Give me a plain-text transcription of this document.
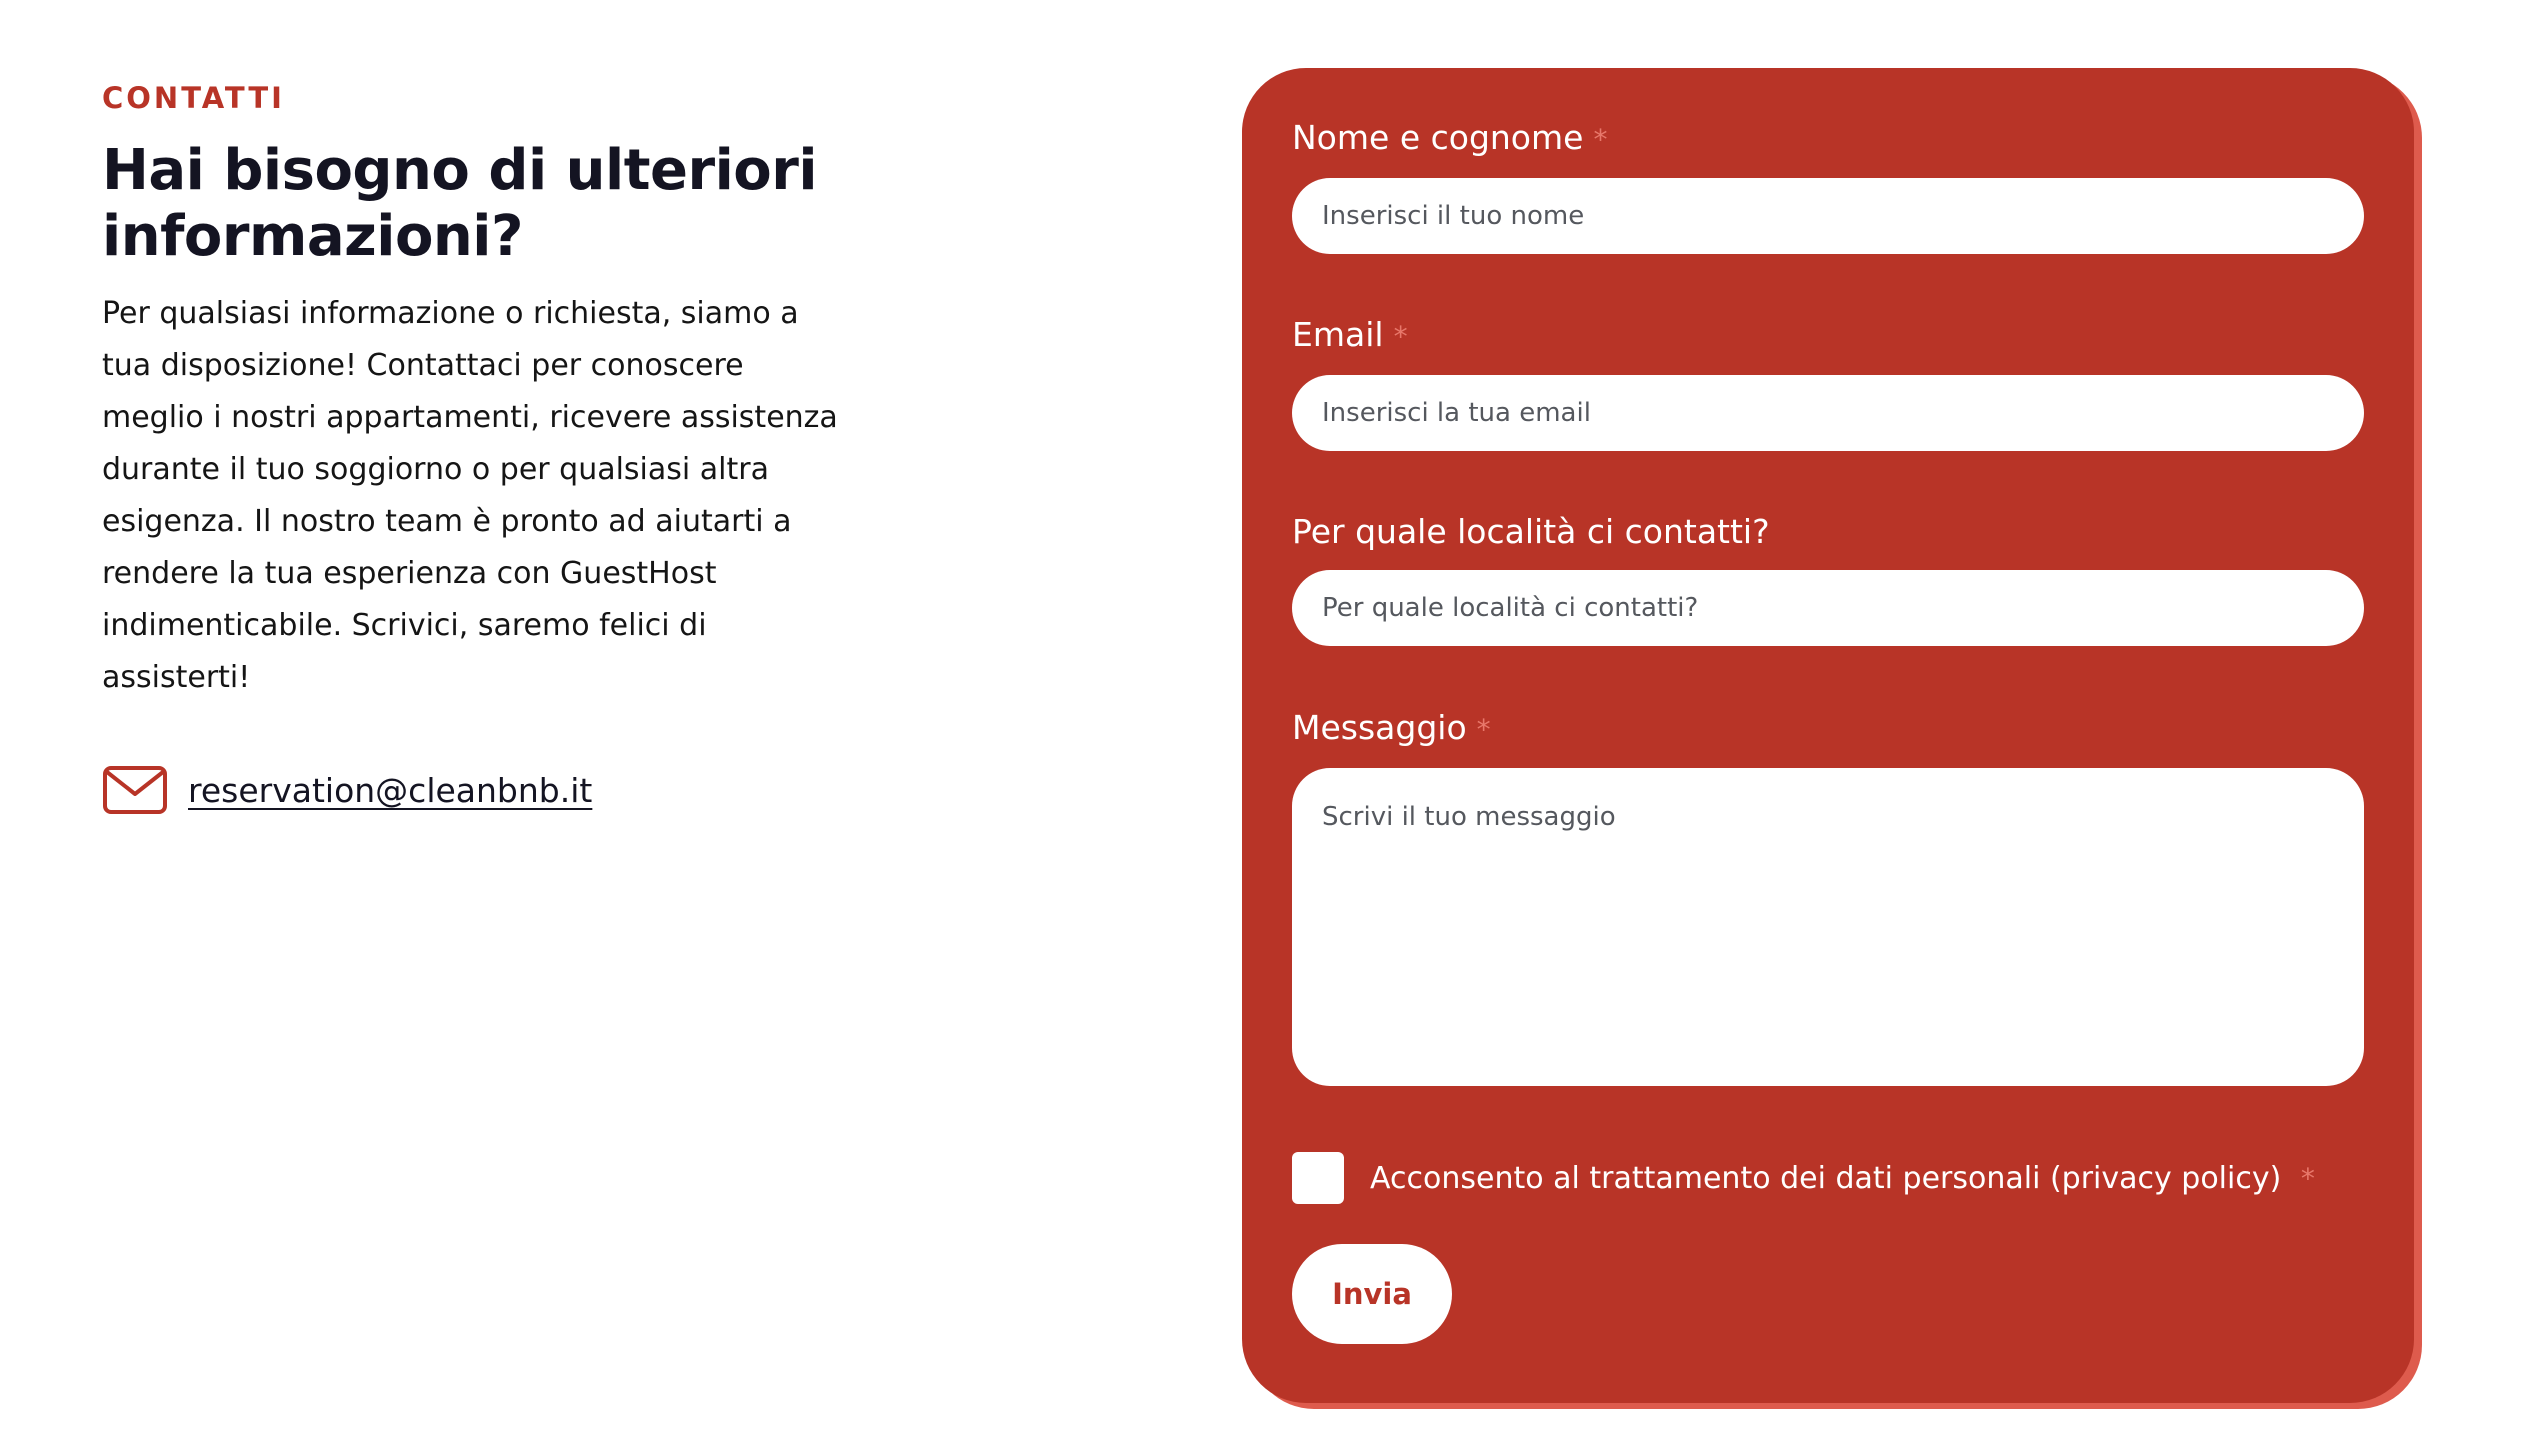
CONTATTI

Hai bisogno di ulteriori informazioni?

Per qualsiasi informazione o richiesta, siamo a tua disposizione! Contattaci per conoscere meglio i nostri appartamenti, ricevere assistenza durante il tuo soggiorno o per qualsiasi altra esigenza. Il nostro team è pronto ad aiutarti a rendere la tua esperienza con GuestHost indimenticabile. Scrivici, saremo felici di assisterti!

reservation@cleanbnb.it
Nome e cognome *
Inserisci il tuo nome
Email *
Inserisci la tua email
Per quale località ci contatti?
Per quale località ci contatti?
Messaggio *
Scrivi il tuo messaggio
Acconsento al trattamento dei dati personali (privacy policy) *
Invia
